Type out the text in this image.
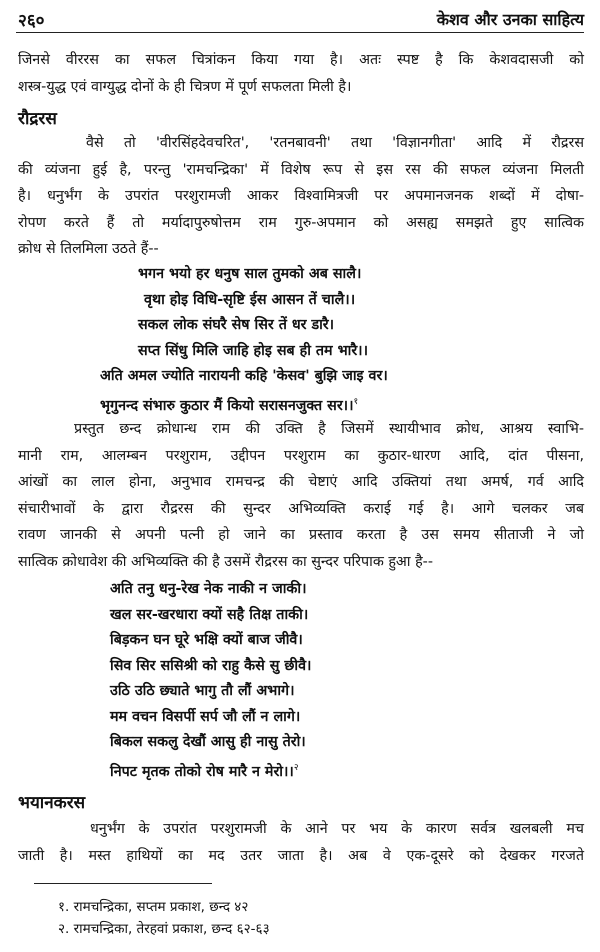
२६०	केशव और उनका साहित्य
जिनसे वीररस का सफल चित्रांकन किया गया है। अतः स्पष्ट है कि केशवदासजी को
शस्त्र-युद्ध एवं वाग्युद्ध दोनों के ही चित्रण में पूर्ण सफलता मिली है।
रौद्ररस
वैसे तो 'वीरसिंहदेवचरित', 'रतनबावनी' तथा 'विज्ञानगीता' आदि में रौद्ररस
की व्यंजना हुई है, परन्तु 'रामचन्द्रिका' में विशेष रूप से इस रस की सफल व्यंजना मिलती
है। धनुर्भंग के उपरांत परशुरामजी आकर विश्वामित्रजी पर अपमानजनक शब्दों में दोषा-
रोपण करते हैं तो मर्यादापुरुषोत्तम राम गुरु-अपमान को असह्य समझते हुए सात्विक
क्रोध से तिलमिला उठते हैं--
भगन भयो हर धनुष साल तुमको अब सालै।
वृथा होइ विधि-सृष्टि ईस आसन तें चालै।।
सकल लोक संघरै सेष सिर तें धर डारै।
सप्त सिंधु मिलि जाहि होइ सब ही तम भारै।।
अति अमल ज्योति नारायनी कहि 'केसव' बुझि जाइ वर।
भृगुनन्द संभारु कुठार मैं कियो सरासनजुक्त सर।।$^१$
प्रस्तुत छन्द क्रोधान्ध राम की उक्ति है जिसमें स्थायीभाव क्रोध, आश्रय स्वाभि-
मानी राम, आलम्बन परशुराम, उद्दीपन परशुराम का कुठार-धारण आदि, दांत पीसना,
आंखों का लाल होना, अनुभाव रामचन्द्र की चेष्टाएं आदि उक्तियां तथा अमर्ष, गर्व आदि
संचारीभावों के द्वारा रौद्ररस की सुन्दर अभिव्यक्ति कराई गई है। आगे चलकर जब
रावण जानकी से अपनी पत्नी हो जाने का प्रस्ताव करता है उस समय सीताजी ने जो
सात्विक क्रोधावेश की अभिव्यक्ति की है उसमें रौद्ररस का सुन्दर परिपाक हुआ है--
अति तनु धनु-रेख नेक नाकी न जाकी।
खल सर-खरधारा क्यों सहै तिक्ष ताकी।
बिड़कन घन घूरे भक्षि क्यों बाज जीवै।
सिव सिर ससिश्री को राहु कैसे सु छीवै।
उठि उठि छ्याते भागु तौ लौं अभागे।
मम वचन विसर्पी सर्प जौ लौं न लागे।
बिकल सकलु देखौं आसु ही नासु तेरो।
निपट मृतक तोको रोष मारै न मेरो।।$^२$
भयानकरस
धनुर्भंग के उपरांत परशुरामजी के आने पर भय के कारण सर्वत्र खलबली मच
जाती है। मस्त हाथियों का मद उतर जाता है। अब वे एक-दूसरे को देखकर गरजते
१. रामचन्द्रिका, सप्तम प्रकाश, छन्द ४२
२. रामचन्द्रिका, तेरहवां प्रकाश, छन्द ६२-६३
